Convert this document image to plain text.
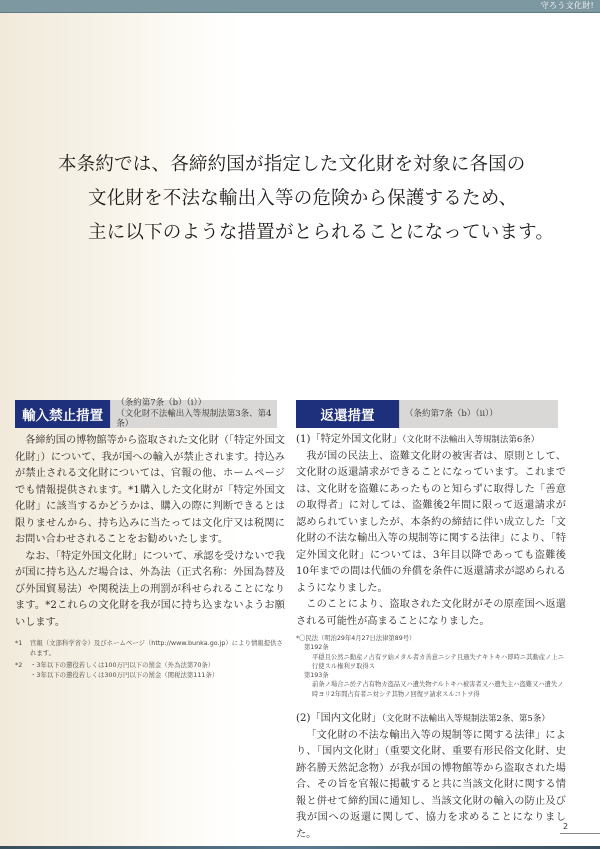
守ろう文化財!
本条約では、各締約国が指定した文化財を対象に各国の
文化財を不法な輸出入等の危険から保護するため、
主に以下のような措置がとられることになっています。
輸入禁止措置
（条約第7条（b）（i））
（文化財不法輸出入等規制法第3条、第4条）

各締約国の博物館等から盗取された文化財（「特定外国文化財」）について、我が国への輸入が禁止されます。持込みが禁止される文化財については、官報の他、ホームページでも情報提供されます。*1購入した文化財が「特定外国文化財」に該当するかどうかは、購入の際に判断できるとは限りませんから、持ち込みに当たっては文化庁又は税関にお問い合わせされることをお勧めいたします。

なお、「特定外国文化財」について、承認を受けないで我が国に持ち込んだ場合は、外為法（正式名称：外国為替及び外国貿易法）や関税法上の刑罰が科せられることになります。*2これらの文化財を我が国に持ち込まないようお願いします。

*1	官報（文部科学省令）及びホームページ（http://www.bunka.go.jp）により情報提供されます。
*2	・3年以下の懲役若しくは100万円以下の罰金（外為法第70条）
・3年以下の懲役若しくは300万円以下の罰金（関税法第111条）
返還措置	（条約第7条（b）（ii））
(1)「特定外国文化財」（文化財不法輸出入等規制法第6条）

我が国の民法上、盗難文化財の被害者は、原則として、文化財の返還請求ができることになっています。これまでは、文化財を盗難にあったものと知らずに取得した「善意の取得者」に対しては、盗難後2年間に限って返還請求が認められていましたが、本条約の締結に伴い成立した「文化財の不法な輸出入等の規制等に関する法律」により、「特定外国文化財」については、3年目以降であっても盗難後10年までの間は代価の弁償を条件に返還請求が認められるようになりました。

このことにより、盗取された文化財がその原産国へ返還される可能性が高まることになりました。

*〇民法（明治29年4月27日法律第89号）
第192条
平穏且公然ニ動産ノ占有ヲ始メタル者カ善意ニシテ且過失ナキトキハ即時ニ其動産ノ上ニ行使スル権利ヲ取得ス
第193条
前条ノ場合ニ於テ占有物カ盗品又ハ遺失物ナルトキハ被害者又ハ遺失主ハ盗難又ハ遺失ノ時ヨリ2年間占有者ニ対シテ其物ノ回復ヲ請求スルコトヲ得
(2)「国内文化財」（文化財不法輸出入等規制法第2条、第5条）

「文化財の不法な輸出入等の規制等に関する法律」により、「国内文化財」（重要文化財、重要有形民俗文化財、史跡名勝天然記念物）が我が国の博物館等から盗取された場合、その旨を官報に掲載すると共に当該文化財に関する情報と併せて締約国に通知し、当該文化財の輸入の防止及び我が国への返還に関して、協力を求めることになりました。

2
